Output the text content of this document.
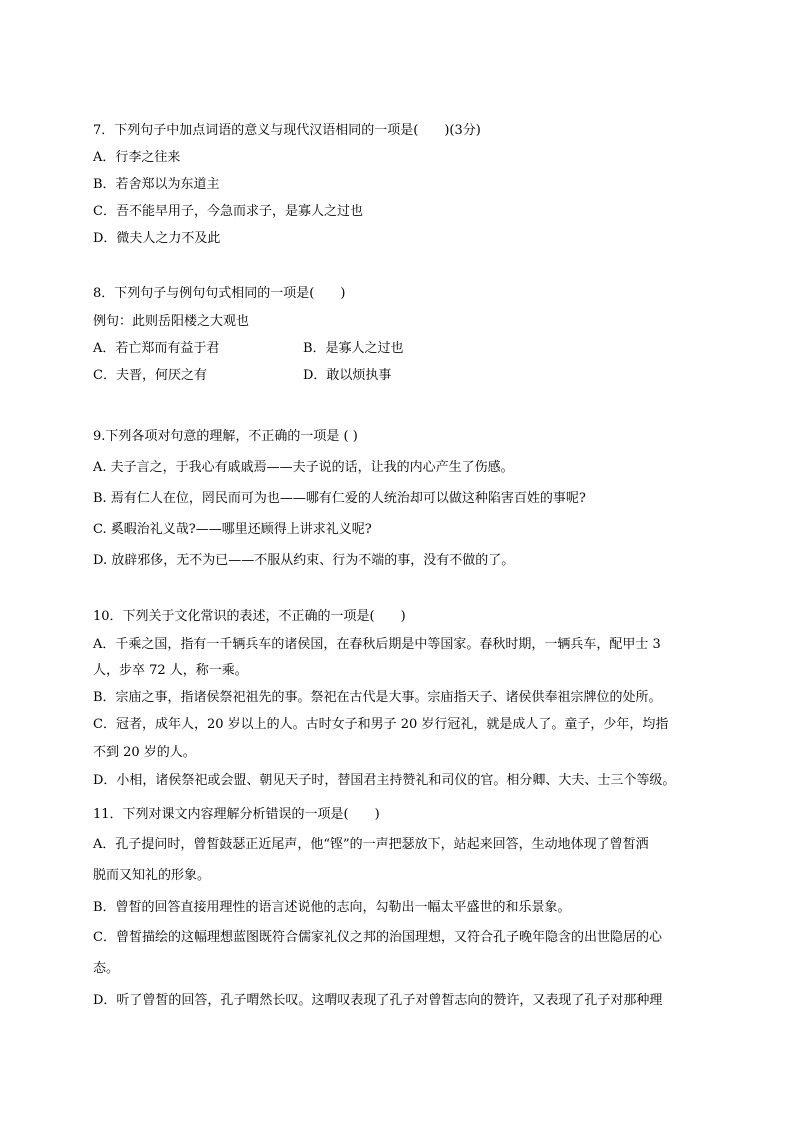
7．下列句子中加点词语的意义与现代汉语相同的一项是(　　)(3分)
A．行李之往来
B．若舍郑以为东道主
C．吾不能早用子，今急而求子，是寡人之过也
D．微夫人之力不及此
8．下列句子与例句句式相同的一项是(　　)
例句：此则岳阳楼之大观也
A．若亡郑而有益于君	B．是寡人之过也
C．夫晋，何厌之有	D．敢以烦执事
9.下列各项对句意的理解，不正确的一项是 ( )
A. 夫子言之，于我心有戚戚焉——夫子说的话，让我的内心产生了伤感。
B. 焉有仁人在位，罔民而可为也——哪有仁爱的人统治却可以做这种陷害百姓的事呢?
C. 奚暇治礼义哉?——哪里还顾得上讲求礼义呢?
D. 放辟邪侈，无不为已——不服从约束、行为不端的事，没有不做的了。
10．下列关于文化常识的表述，不正确的一项是(　　)
A．千乘之国，指有一千辆兵车的诸侯国，在春秋后期是中等国家。春秋时期，一辆兵车，配甲士 3
人，步卒 72 人，称一乘。
B．宗庙之事，指诸侯祭祀祖先的事。祭祀在古代是大事。宗庙指天子、诸侯供奉祖宗牌位的处所。
C．冠者，成年人，20 岁以上的人。古时女子和男子 20 岁行冠礼，就是成人了。童子，少年，均指
不到 20 岁的人。
D．小相，诸侯祭祀或会盟、朝见天子时，替国君主持赞礼和司仪的官。相分卿、大夫、士三个等级。
11．下列对课文内容理解分析错误的一项是(　　)
A．孔子提问时，曾皙鼓瑟正近尾声，他“铿”的一声把瑟放下，站起来回答，生动地体现了曾皙洒
脱而又知礼的形象。
B．曾皙的回答直接用理性的语言述说他的志向，勾勒出一幅太平盛世的和乐景象。
C．曾皙描绘的这幅理想蓝图既符合儒家礼仪之邦的治国理想，又符合孔子晚年隐含的出世隐居的心
态。
D．听了曾皙的回答，孔子喟然长叹。这喟叹表现了孔子对曾皙志向的赞许，又表现了孔子对那种理
